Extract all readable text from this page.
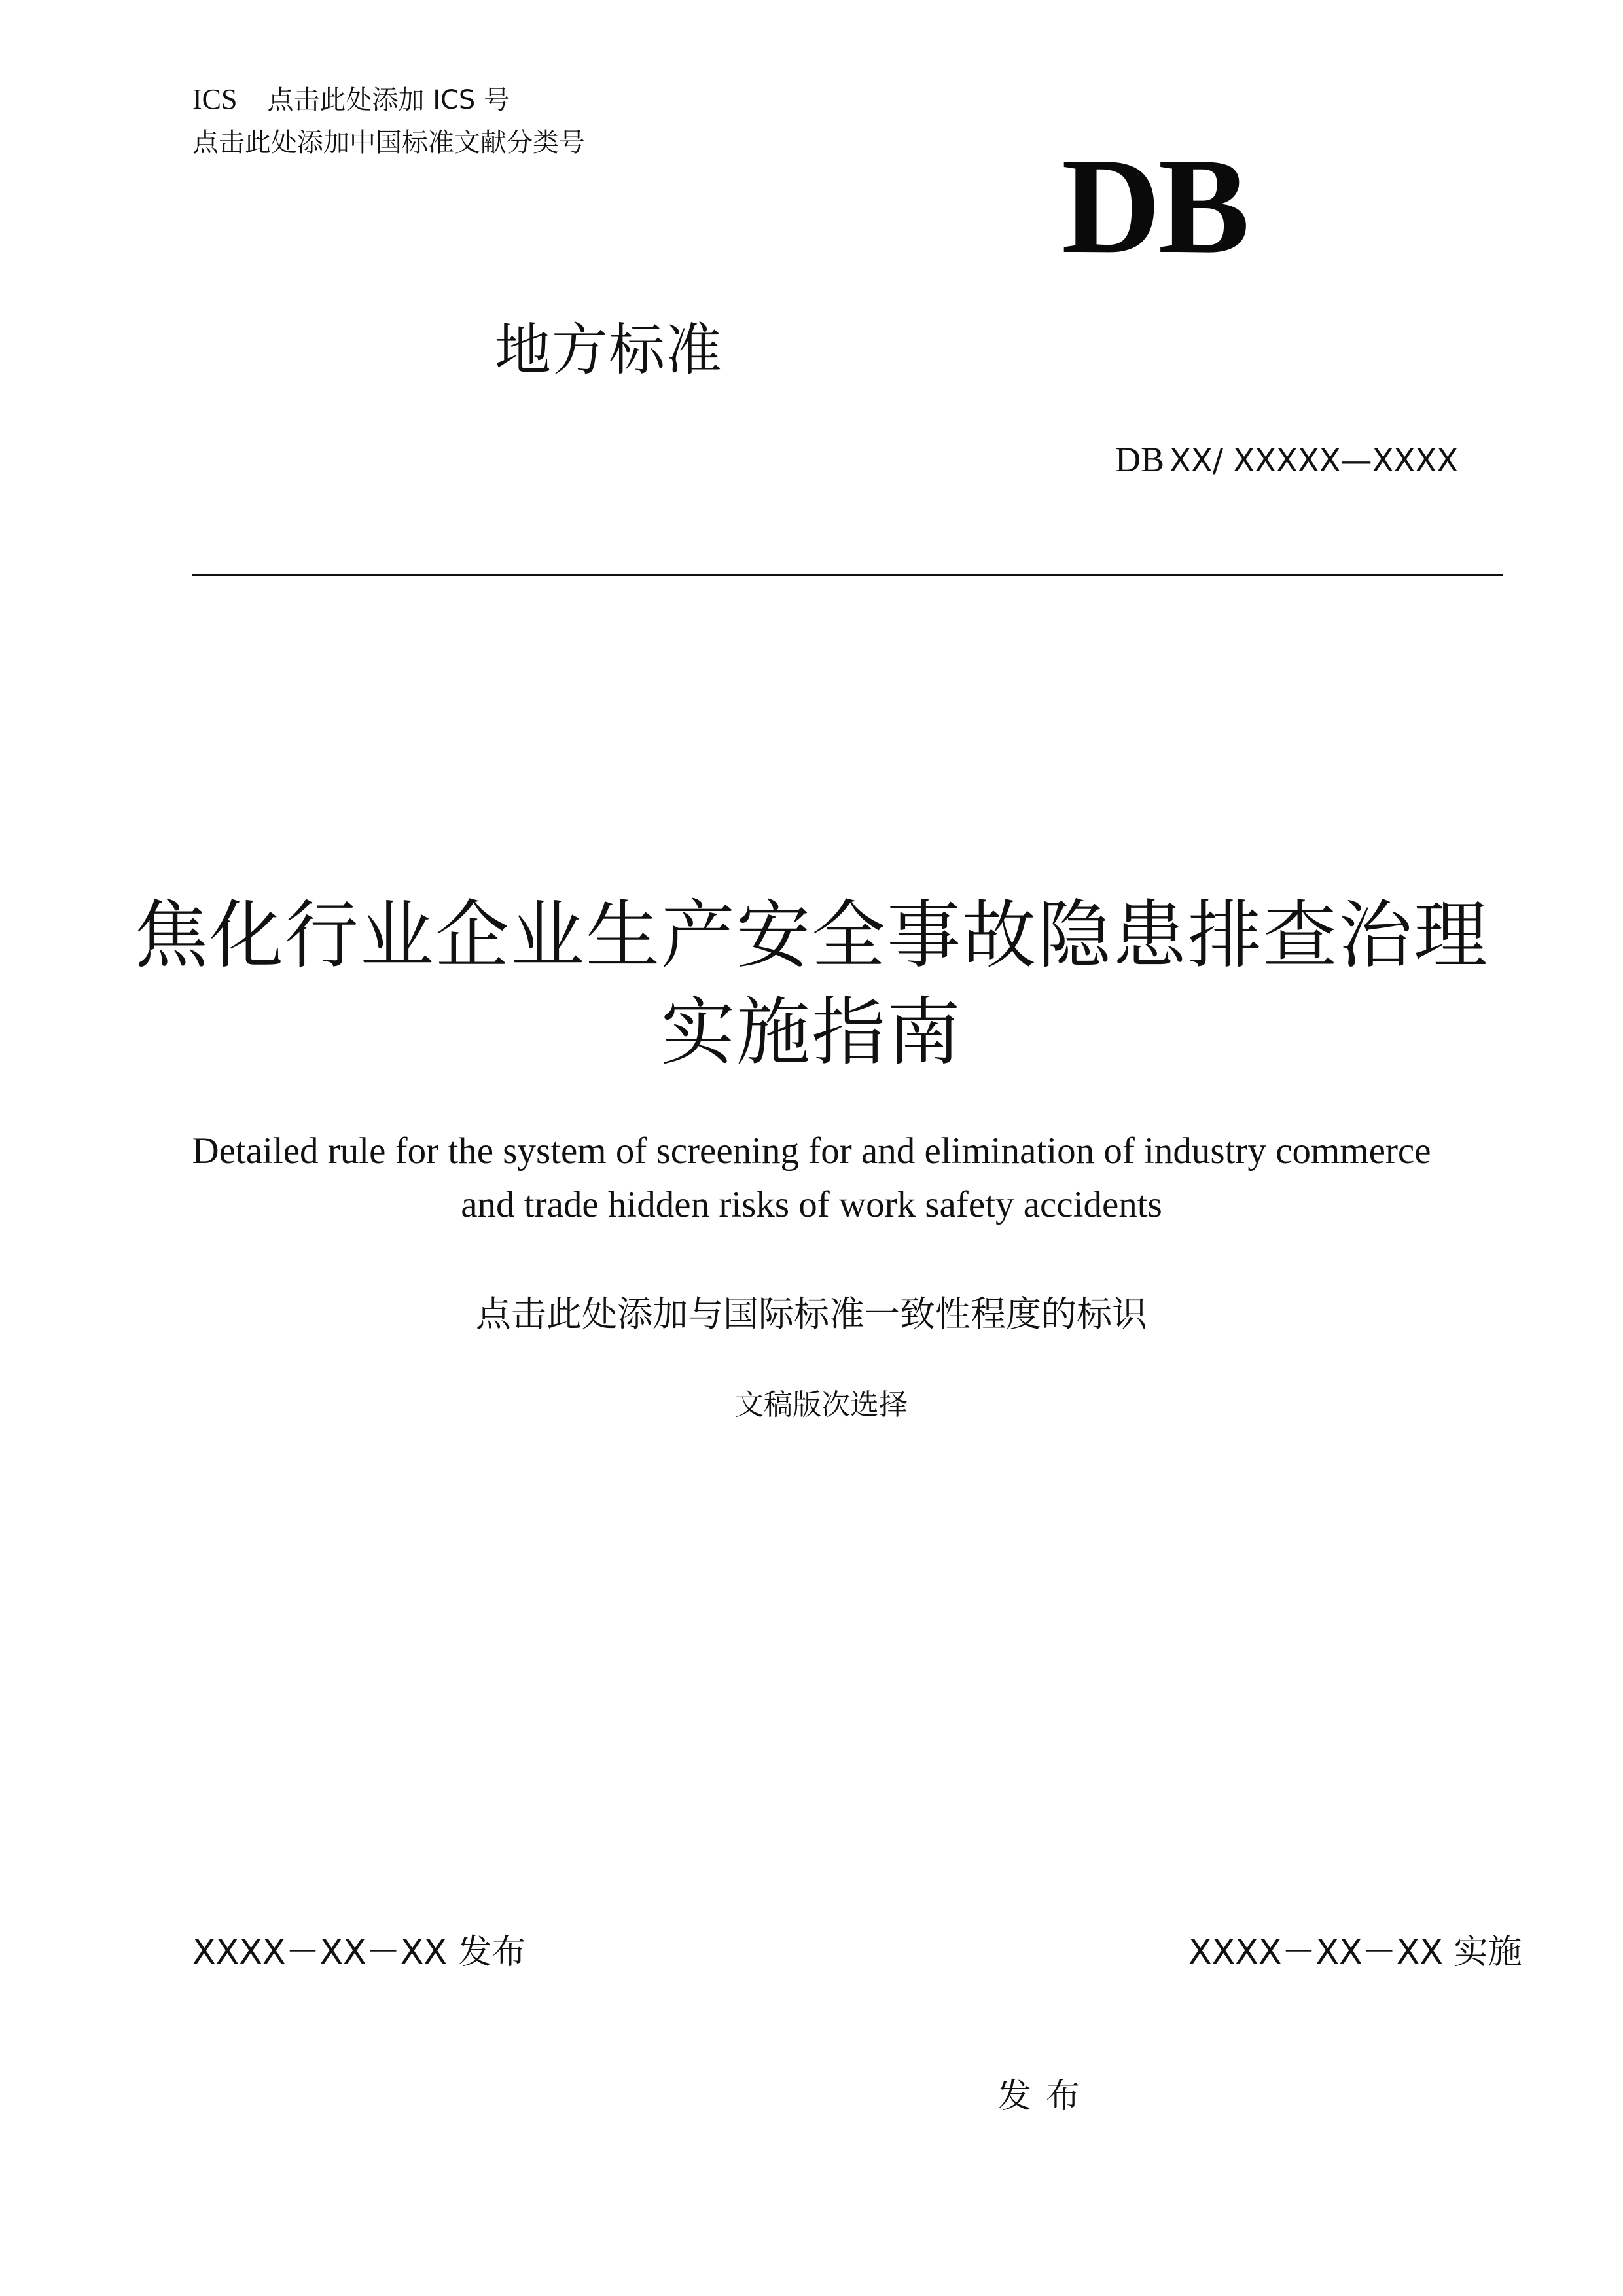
ICS 点击此处添加 ICS 号
点击此处添加中国标准文献分类号	DB
地方标准
DB XX/ XXXXX—XXXX
焦化行业企业生产安全事故隐患排查治理
实施指南
Detailed rule for the system of screening for and elimination of industry commerce
and trade hidden risks of work safety accidents
点击此处添加与国际标准一致性程度的标识
文稿版次选择
XXXX－XX－XX 发布	XXXX－XX－XX 实施
发布
